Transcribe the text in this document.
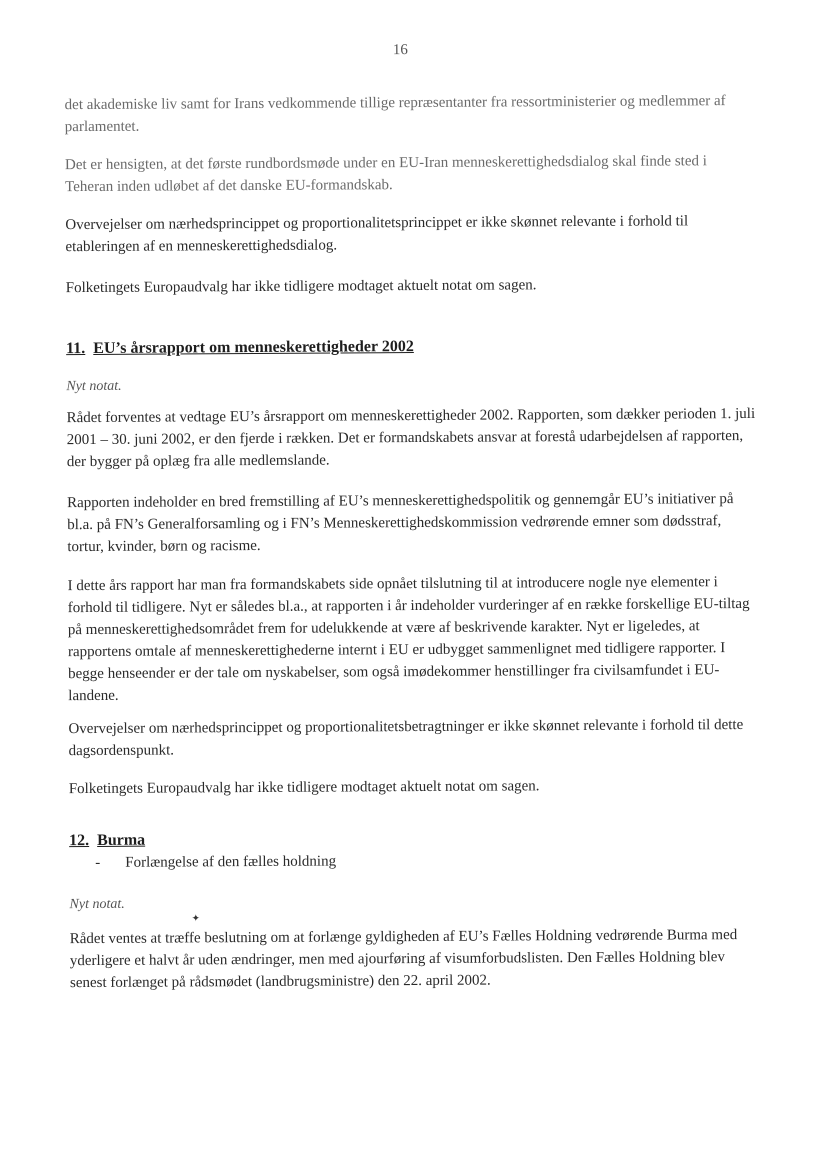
16

det akademiske liv samt for Irans vedkommende tillige repræsentanter fra ressortministerier og medlemmer af parlamentet.

Det er hensigten, at det første rundbordsmøde under en EU-Iran menneskerettighedsdialog skal finde sted i Teheran inden udløbet af det danske EU-formandskab.

Overvejelser om nærhedsprincippet og proportionalitetsprincippet er ikke skønnet relevante i forhold til etableringen af en menneskerettighedsdialog.

Folketingets Europaudvalg har ikke tidligere modtaget aktuelt notat om sagen.

11. EU’s årsrapport om menneskerettigheder 2002

Nyt notat.

Rådet forventes at vedtage EU’s årsrapport om menneskerettigheder 2002. Rapporten, som dækker perioden 1. juli 2001 – 30. juni 2002, er den fjerde i rækken. Det er formandskabets ansvar at forestå udarbejdelsen af rapporten, der bygger på oplæg fra alle medlemslande.

Rapporten indeholder en bred fremstilling af EU’s menneskerettighedspolitik og gennemgår EU’s initiativer på bl.a. på FN’s Generalforsamling og i FN’s Menneskerettighedskommission vedrørende emner som dødsstraf, tortur, kvinder, børn og racisme.

I dette års rapport har man fra formandskabets side opnået tilslutning til at introducere nogle nye elementer i forhold til tidligere. Nyt er således bl.a., at rapporten i år indeholder vurderinger af en række forskellige EU-tiltag på menneskerettighedsområdet frem for udelukkende at være af beskrivende karakter. Nyt er ligeledes, at rapportens omtale af menneskerettighederne internt i EU er udbygget sammenlignet med tidligere rapporter. I begge henseender er der tale om nyskabelser, som også imødekommer henstillinger fra civilsamfundet i EU-landene.

Overvejelser om nærhedsprincippet og proportionalitetsbetragtninger er ikke skønnet relevante i forhold til dette dagsordenspunkt.

Folketingets Europaudvalg har ikke tidligere modtaget aktuelt notat om sagen.

12. Burma
- Forlængelse af den fælles holdning

Nyt notat.

✦

Rådet ventes at træffe beslutning om at forlænge gyldigheden af EU’s Fælles Holdning vedrørende Burma med yderligere et halvt år uden ændringer, men med ajourføring af visumforbudslisten. Den Fælles Holdning blev senest forlænget på rådsmødet (landbrugsministre) den 22. april 2002.
